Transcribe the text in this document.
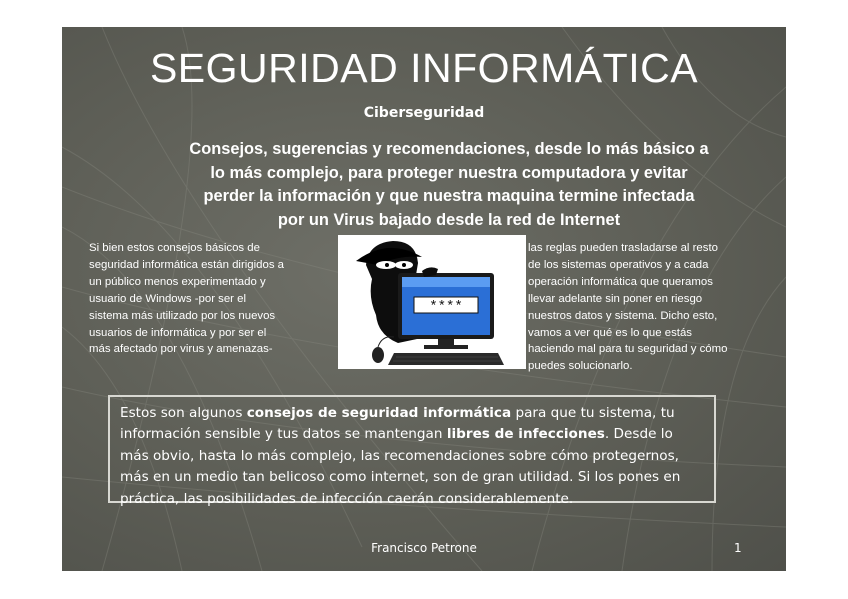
SEGURIDAD INFORMÁTICA
Ciberseguridad
Consejos, sugerencias y recomendaciones, desde lo más básico a
lo más complejo, para proteger nuestra computadora y evitar
perder la información y que nuestra maquina termine infectada
por un Virus bajado desde la red de Internet
Si bien estos consejos básicos de
seguridad informática están dirigidos a
un público menos experimentado y
usuario de Windows -por ser el
sistema más utilizado por los nuevos
usuarios de informática y por ser el
más afectado por virus y amenazas-
****
las reglas pueden trasladarse al resto
de los sistemas operativos y a cada
operación informática que queramos
llevar adelante sin poner en riesgo
nuestros datos y sistema. Dicho esto,
vamos a ver qué es lo que estás
haciendo mal para tu seguridad y cómo
puedes solucionarlo.
Estos son algunos consejos de seguridad informática para que tu sistema, tu información sensible y tus datos se mantengan libres de infecciones. Desde lo más obvio, hasta lo más complejo, las recomendaciones sobre cómo protegernos, más en un medio tan belicoso como internet, son de gran utilidad. Si los pones en práctica, las posibilidades de infección caerán considerablemente.
Francisco Petrone	1
